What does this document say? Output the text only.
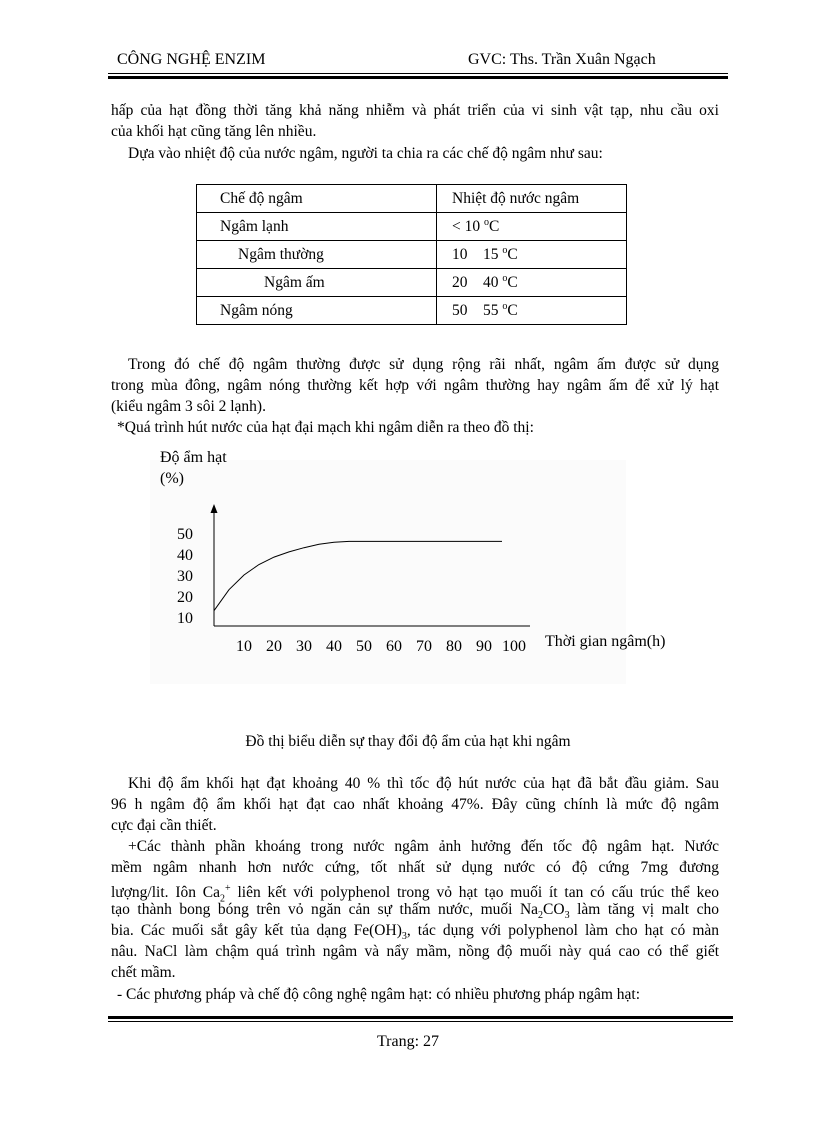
CÔNG NGHỆ ENZIM	GVC: Ths. Trần Xuân Ngạch
hấp của hạt đồng thời tăng khả năng nhiễm và phát triển của vi sinh vật tạp, nhu cầu oxi
của khối hạt cũng tăng lên nhiều.
Dựa vào nhiệt độ của nước ngâm, người ta chia ra các chế độ ngâm như sau:
Chế độ ngâm	Nhiệt độ nước ngâm
Ngâm lạnh	< 10 $^o$C
Ngâm thường	10    15 $^o$C
Ngâm ấm	20    40 $^o$C
Ngâm nóng	50    55 $^o$C
Trong đó chế độ ngâm thường được sử dụng rộng rãi nhất, ngâm ấm được sử dụng
trong mùa đông, ngâm nóng thường kết hợp với ngâm thường hay ngâm ấm để xử lý hạt
(kiểu ngâm 3 sôi 2 lạnh).
*Quá trình hút nước của hạt đại mạch khi ngâm diễn ra theo đồ thị:
Độ ẩm hạt
(%)
Thời gian ngâm(h)
10
20
30
40
50
10 20 30 40 50 60 70 80 90 100
Đồ thị biểu diễn sự thay đổi độ ẩm của hạt khi ngâm
Khi độ ẩm khối hạt đạt khoảng 40 % thì tốc độ hút nước của hạt đã bắt đầu giảm. Sau
96 h ngâm độ ẩm khối hạt đạt cao nhất khoảng 47%. Đây cũng chính là mức độ ngâm
cực đại cần thiết.
+Các thành phần khoáng trong nước ngâm ảnh hưởng đến tốc độ ngâm hạt. Nước
mềm ngâm nhanh hơn nước cứng, tốt nhất sử dụng nước có độ cứng 7mg đương
lượng/lit. Iôn $Ca_2^+$ liên kết với polyphenol trong vỏ hạt tạo muối ít tan có cấu trúc thể keo
tạo thành bong bóng trên vỏ ngăn cản sự thấm nước, muối $Na_2CO_3$ làm tăng vị malt cho
bia. Các muối sắt gây kết tủa dạng $Fe(OH)_3$, tác dụng với polyphenol làm cho hạt có màn
nâu. NaCl làm chậm quá trình ngâm và nẩy mầm, nồng độ muối này quá cao có thể giết
chết mầm.
- Các phương pháp và chế độ công nghệ ngâm hạt: có nhiều phương pháp ngâm hạt:
Trang: 27
